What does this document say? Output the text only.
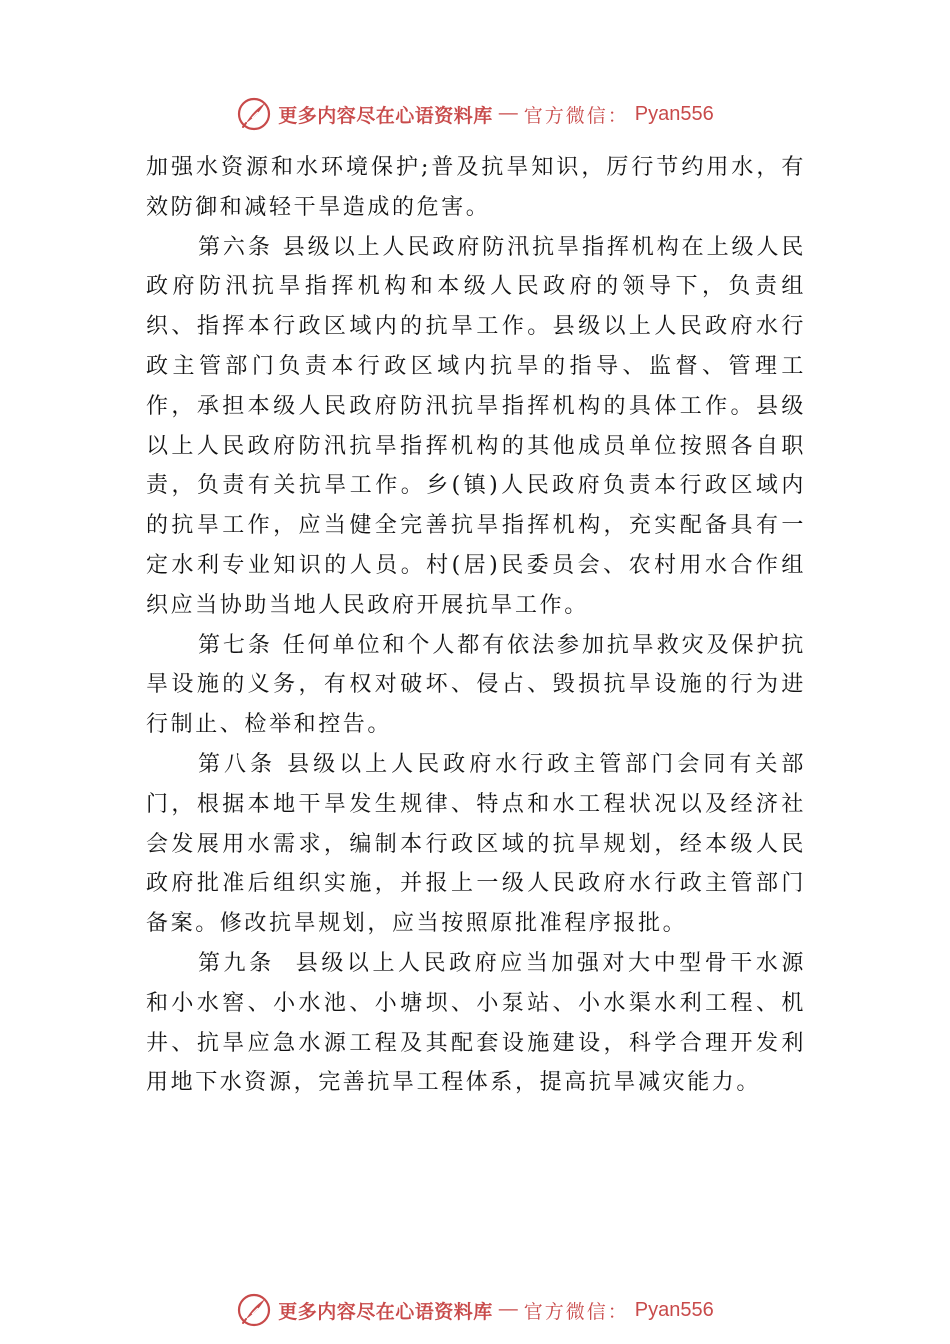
更多内容尽在心语资料库 — 官方微信： Pyan556

加强水资源和水环境保护;普及抗旱知识，厉行节约用水，有效防御和减轻干旱造成的危害。

第六条 县级以上人民政府防汛抗旱指挥机构在上级人民政府防汛抗旱指挥机构和本级人民政府的领导下，负责组织、指挥本行政区域内的抗旱工作。县级以上人民政府水行政主管部门负责本行政区域内抗旱的指导、监督、管理工作，承担本级人民政府防汛抗旱指挥机构的具体工作。县级以上人民政府防汛抗旱指挥机构的其他成员单位按照各自职责，负责有关抗旱工作。乡(镇)人民政府负责本行政区域内的抗旱工作，应当健全完善抗旱指挥机构，充实配备具有一定水利专业知识的人员。村(居)民委员会、农村用水合作组织应当协助当地人民政府开展抗旱工作。

第七条 任何单位和个人都有依法参加抗旱救灾及保护抗旱设施的义务，有权对破坏、侵占、毁损抗旱设施的行为进行制止、检举和控告。

第八条 县级以上人民政府水行政主管部门会同有关部门，根据本地干旱发生规律、特点和水工程状况以及经济社会发展用水需求，编制本行政区域的抗旱规划，经本级人民政府批准后组织实施，并报上一级人民政府水行政主管部门备案。修改抗旱规划，应当按照原批准程序报批。

第九条 县级以上人民政府应当加强对大中型骨干水源和小水窖、小水池、小塘坝、小泵站、小水渠水利工程、机井、抗旱应急水源工程及其配套设施建设，科学合理开发利用地下水资源，完善抗旱工程体系，提高抗旱减灾能力。

更多内容尽在心语资料库 — 官方微信： Pyan556
